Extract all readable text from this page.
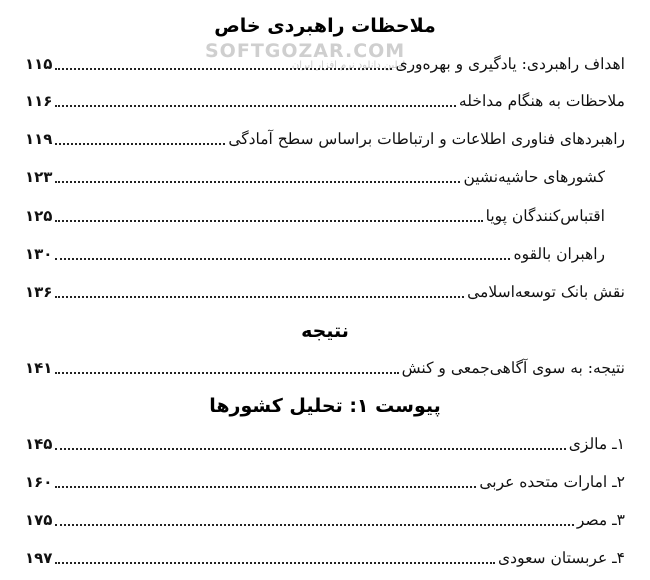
SOFTGOZAR.COM
اولین دانلود نرم افزار ایران
ملاحظات راهبردی خاص
اهداف راهبردی: یادگیری و بهره‌وری
۱۱۵
ملاحظات به هنگام مداخله
۱۱۶
راهبردهای فناوری اطلاعات و ارتباطات براساس سطح آمادگی
۱۱۹
کشورهای حاشیه‌نشین
۱۲۳
اقتباس‌کنندگان پویا
۱۲۵
راهبران بالقوه
۱۳۰
نقش بانک توسعه‌اسلامی
۱۳۶
نتیجه
نتیجه: به سوی آگاهی‌جمعی و کنش
۱۴۱
پیوست ۱: تحلیل کشورها
۱ـ مالزی
۱۴۵
۲ـ امارات متحده عربی
۱۶۰
۳ـ مصر
۱۷۵
۴ـ عربستان سعودی
۱۹۷
